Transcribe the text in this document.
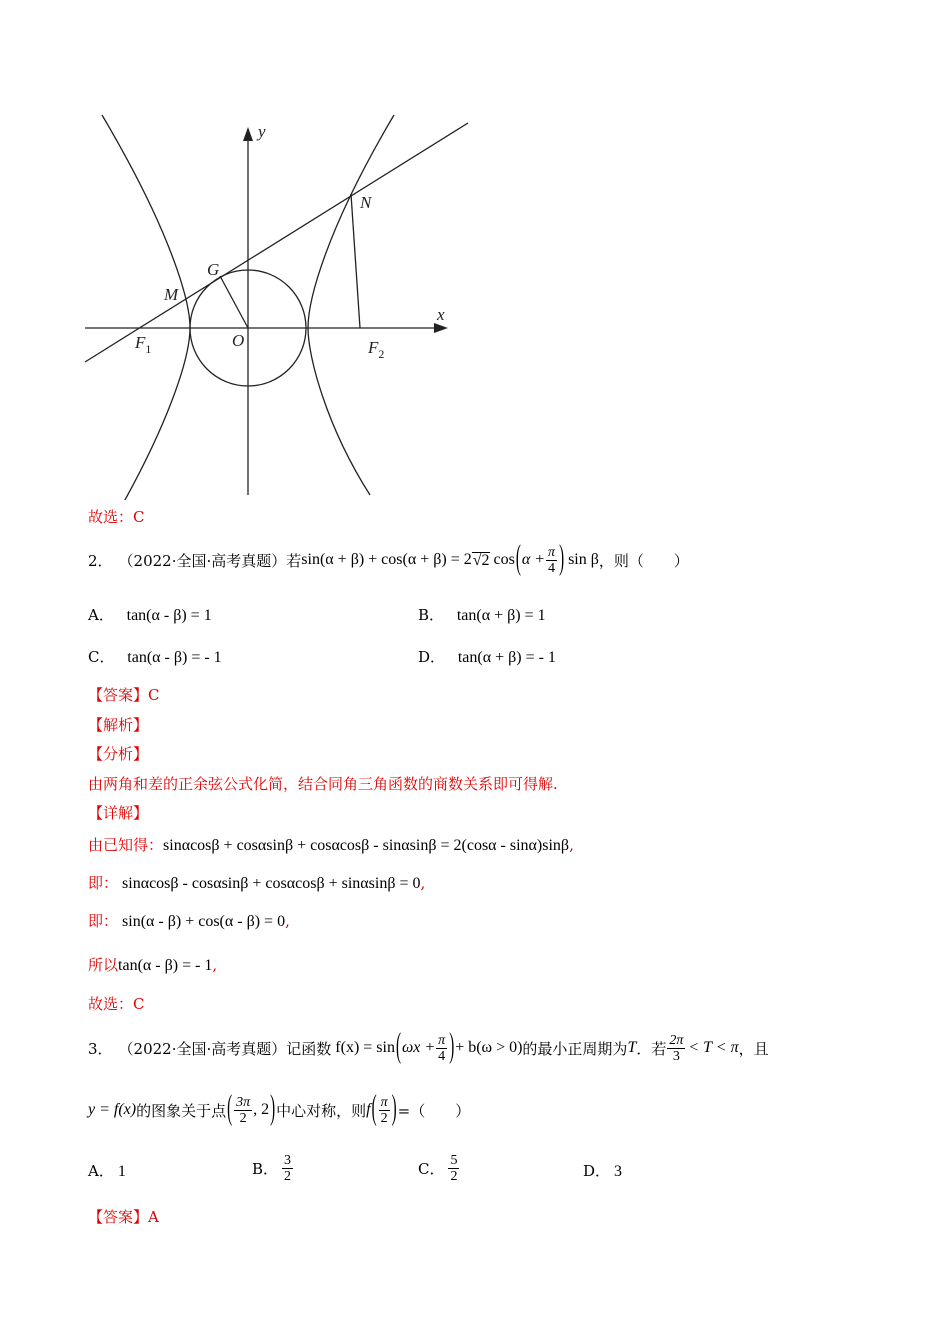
y
x
N
G
M
O
$F_1$	$F_2$
故选：C
2． （2022·全国·高考真题） 若 sin(α + β) + cos(α + β) = 2 √2 cos ( $\alpha + \frac{\pi}{4}$ ) sin β ，则（　　）
A． tan(α - β) = 1	B． tan(α + β) = 1
C． tan(α - β) = - 1	D． tan(α + β) = - 1
【答案】C
【解析】
【分析】
由两角和差的正余弦公式化简，结合同角三角函数的商数关系即可得解.
【详解】
由已知得：sinαcosβ + cosαsinβ + cosαcosβ - sinαsinβ = 2(cosα - sinα)sinβ,
即： sinαcosβ - cosαsinβ + cosαcosβ + sinαsinβ = 0,
即： sin(α - β) + cos(α - β) = 0,
所以tan(α - β) = - 1,
故选：C
3． （2022·全国·高考真题） 记函数 f(x) = sin ( $\omega x + \frac{\pi}{4}$ ) + b(ω > 0) 的最小正周期为 T ．若 $\frac{2\pi}{3} < T < \pi$ ，且
y = f(x) 的图象关于点 ( $\frac{3\pi}{2}$ , 2 ) 中心对称，则 f ( $\frac{\pi}{2}$ ) =（　　）
A． 1	B． $\frac{3}{2}$	C． $\frac{5}{2}$	D． 3
【答案】A
